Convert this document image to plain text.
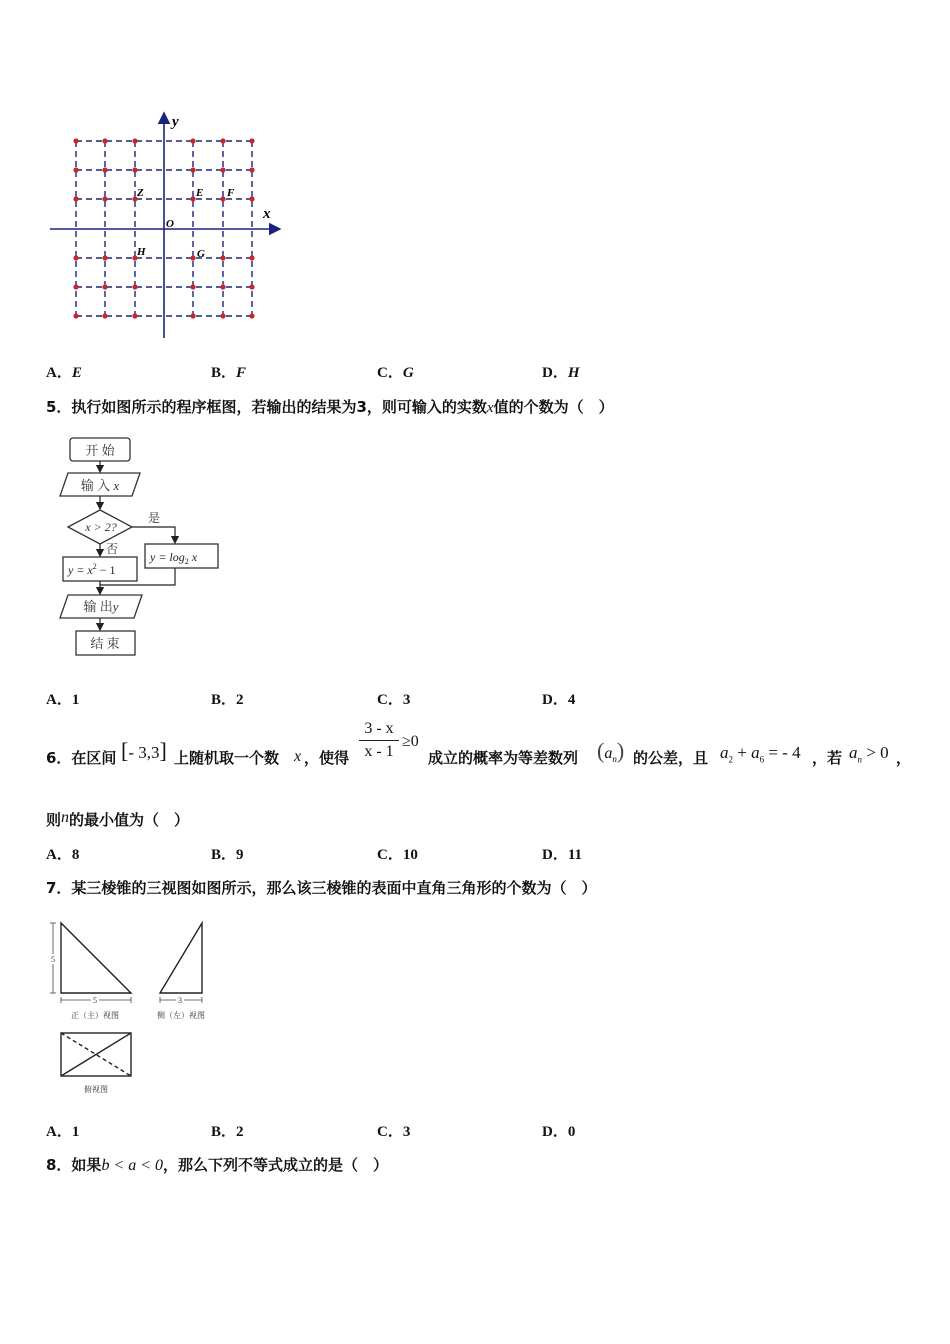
y
x
O
Z	E F
H	G
A．E	B．F	C．G	D．H
5．执行如图所示的程序框图，若输出的结果为3，则可输入的实数x值的个数为（　）
开 始
输 入 x
x > 2?
是
否
$y = \log_2 x$
$y = x^2 - 1$
输 出y
结 束
A．1	B．2	C．3	D．4
6．在区间 [- 3,3] 上随机取一个数 x ，使得 $\frac{3 - x}{x - 1} \ge 0$
成立的概率为等差数列 $(a_n)$ 的公差，且 $a_2 + a_6$ = - 4 ，若 $a_n > 0$ ，
则n的最小值为（　）
A．8	B．9	C．10	D．11
7．某三棱锥的三视图如图所示，那么该三棱锥的表面中直角三角形的个数为（　）
5
5	3
正（主）视图	侧（左）视图
俯视图
A．1	B．2	C．3	D．0
8．如果b < a < 0，那么下列不等式成立的是（　）
